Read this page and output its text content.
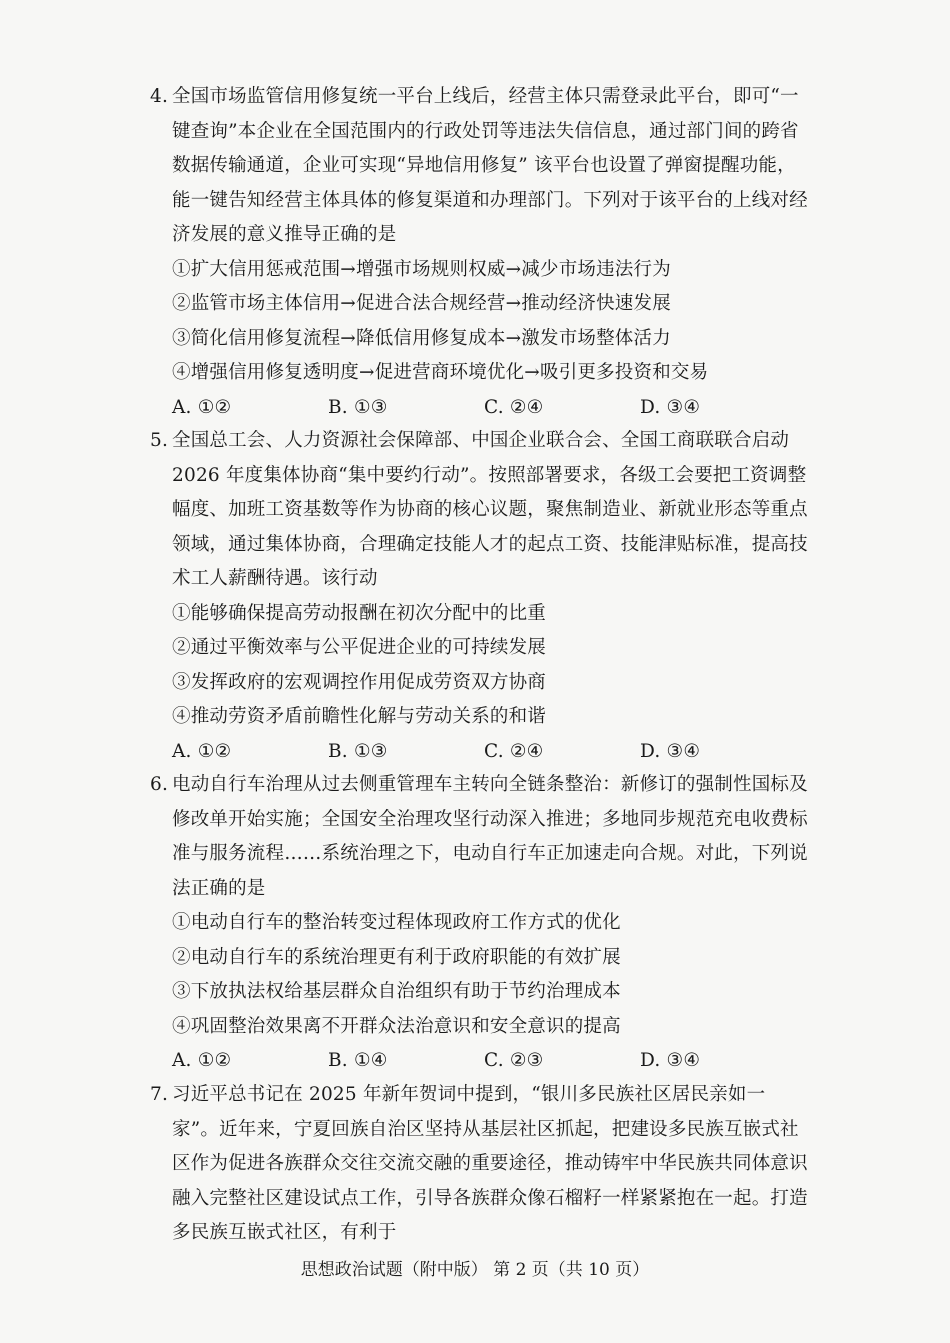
4. 全国市场监管信用修复统一平台上线后，经营主体只需登录此平台，即可“一键查询”本企业在全国范围内的行政处罚等违法失信信息，通过部门间的跨省数据传输通道，企业可实现“异地信用修复” 该平台也设置了弹窗提醒功能，能一键告知经营主体具体的修复渠道和办理部门。下列对于该平台的上线对经济发展的意义推导正确的是
①扩大信用惩戒范围→增强市场规则权威→减少市场违法行为
②监管市场主体信用→促进合法合规经营→推动经济快速发展
③简化信用修复流程→降低信用修复成本→激发市场整体活力
④增强信用修复透明度→促进营商环境优化→吸引更多投资和交易
A. ①②	B. ①③	C. ②④	D. ③④
5. 全国总工会、人力资源社会保障部、中国企业联合会、全国工商联联合启动 2026 年度集体协商“集中要约行动”。按照部署要求，各级工会要把工资调整幅度、加班工资基数等作为协商的核心议题，聚焦制造业、新就业形态等重点领域，通过集体协商，合理确定技能人才的起点工资、技能津贴标准，提高技术工人薪酬待遇。该行动
①能够确保提高劳动报酬在初次分配中的比重
②通过平衡效率与公平促进企业的可持续发展
③发挥政府的宏观调控作用促成劳资双方协商
④推动劳资矛盾前瞻性化解与劳动关系的和谐
A. ①②	B. ①③	C. ②④	D. ③④
6. 电动自行车治理从过去侧重管理车主转向全链条整治：新修订的强制性国标及修改单开始实施；全国安全治理攻坚行动深入推进；多地同步规范充电收费标准与服务流程……系统治理之下，电动自行车正加速走向合规。对此，下列说法正确的是
①电动自行车的整治转变过程体现政府工作方式的优化
②电动自行车的系统治理更有利于政府职能的有效扩展
③下放执法权给基层群众自治组织有助于节约治理成本
④巩固整治效果离不开群众法治意识和安全意识的提高
A. ①②	B. ①④	C. ②③	D. ③④
7. 习近平总书记在 2025 年新年贺词中提到，“银川多民族社区居民亲如一家”。近年来，宁夏回族自治区坚持从基层社区抓起，把建设多民族互嵌式社区作为促进各族群众交往交流交融的重要途径，推动铸牢中华民族共同体意识融入完整社区建设试点工作，引导各族群众像石榴籽一样紧紧抱在一起。打造多民族互嵌式社区，有利于
思想政治试题（附中版） 第 2 页（共 10 页）
